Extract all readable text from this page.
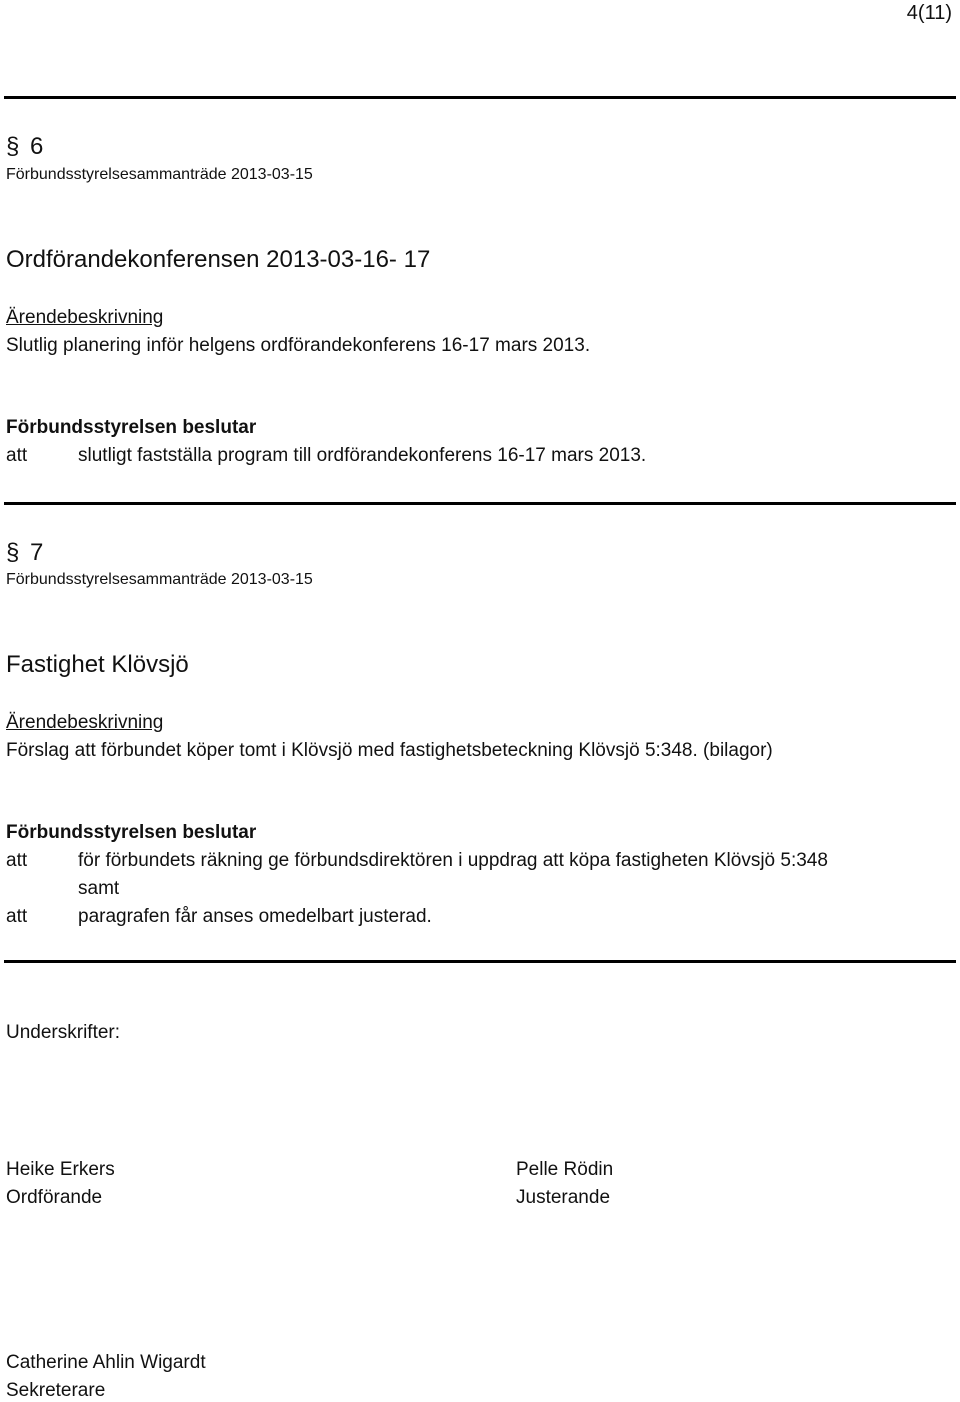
4(11)
§ 6
Förbundsstyrelsesammanträde 2013-03-15
Ordförandekonferensen 2013-03-16- 17
Ärendebeskrivning
Slutlig planering inför helgens ordförandekonferens 16-17 mars 2013.
Förbundsstyrelsen beslutar
att	slutligt fastställa program till ordförandekonferens 16-17 mars 2013.
§ 7
Förbundsstyrelsesammanträde 2013-03-15
Fastighet Klövsjö
Ärendebeskrivning
Förslag att förbundet köper tomt i Klövsjö med fastighetsbeteckning Klövsjö 5:348. (bilagor)
Förbundsstyrelsen beslutar
att	för förbundets räkning ge förbundsdirektören i uppdrag att köpa fastigheten Klövsjö 5:348
samt
att	paragrafen får anses omedelbart justerad.
Underskrifter:
Heike Erkers
Ordförande
Pelle Rödin
Justerande
Catherine Ahlin Wigardt
Sekreterare
